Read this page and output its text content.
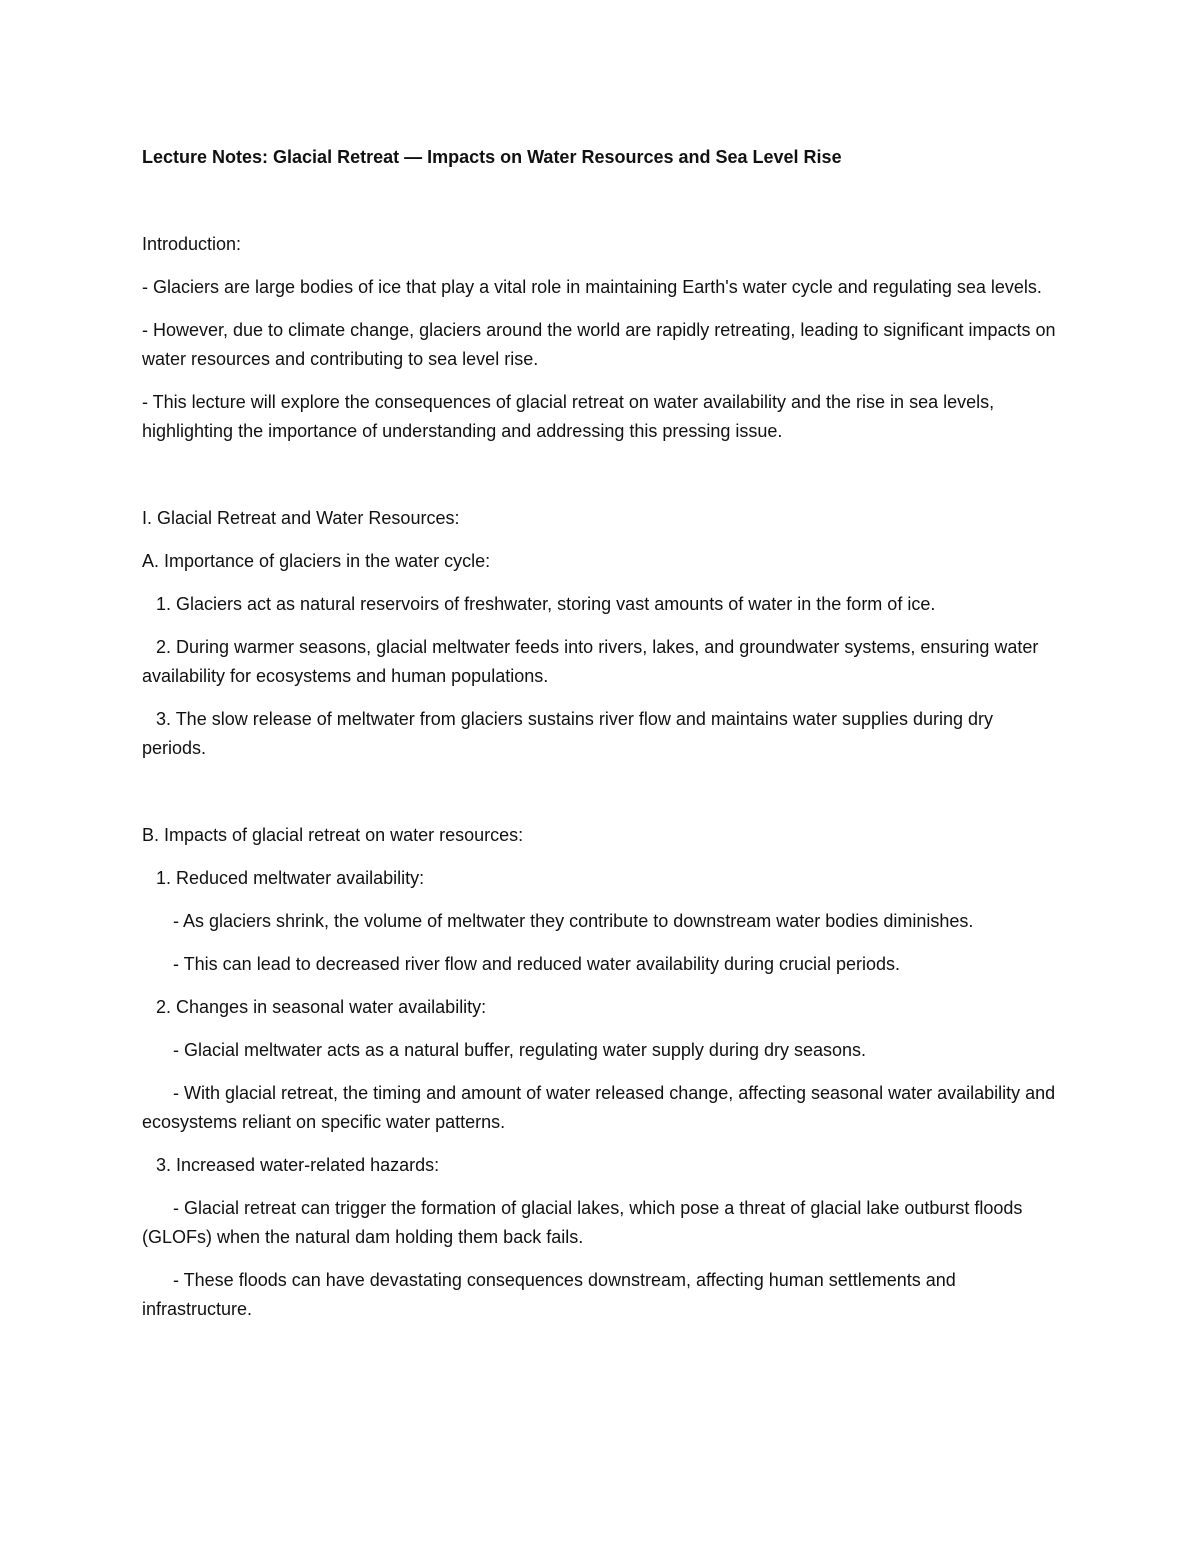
Lecture Notes: Glacial Retreat — Impacts on Water Resources and Sea Level Rise

Introduction:

- Glaciers are large bodies of ice that play a vital role in maintaining Earth's water cycle and regulating sea levels.

- However, due to climate change, glaciers around the world are rapidly retreating, leading to significant impacts on water resources and contributing to sea level rise.

- This lecture will explore the consequences of glacial retreat on water availability and the rise in sea levels, highlighting the importance of understanding and addressing this pressing issue.

I. Glacial Retreat and Water Resources:

A. Importance of glaciers in the water cycle:

1. Glaciers act as natural reservoirs of freshwater, storing vast amounts of water in the form of ice.

2. During warmer seasons, glacial meltwater feeds into rivers, lakes, and groundwater systems, ensuring water availability for ecosystems and human populations.

3. The slow release of meltwater from glaciers sustains river flow and maintains water supplies during dry periods.

B. Impacts of glacial retreat on water resources:

1. Reduced meltwater availability:

- As glaciers shrink, the volume of meltwater they contribute to downstream water bodies diminishes.

- This can lead to decreased river flow and reduced water availability during crucial periods.

2. Changes in seasonal water availability:

- Glacial meltwater acts as a natural buffer, regulating water supply during dry seasons.

- With glacial retreat, the timing and amount of water released change, affecting seasonal water availability and ecosystems reliant on specific water patterns.

3. Increased water-related hazards:

- Glacial retreat can trigger the formation of glacial lakes, which pose a threat of glacial lake outburst floods (GLOFs) when the natural dam holding them back fails.

- These floods can have devastating consequences downstream, affecting human settlements and infrastructure.
